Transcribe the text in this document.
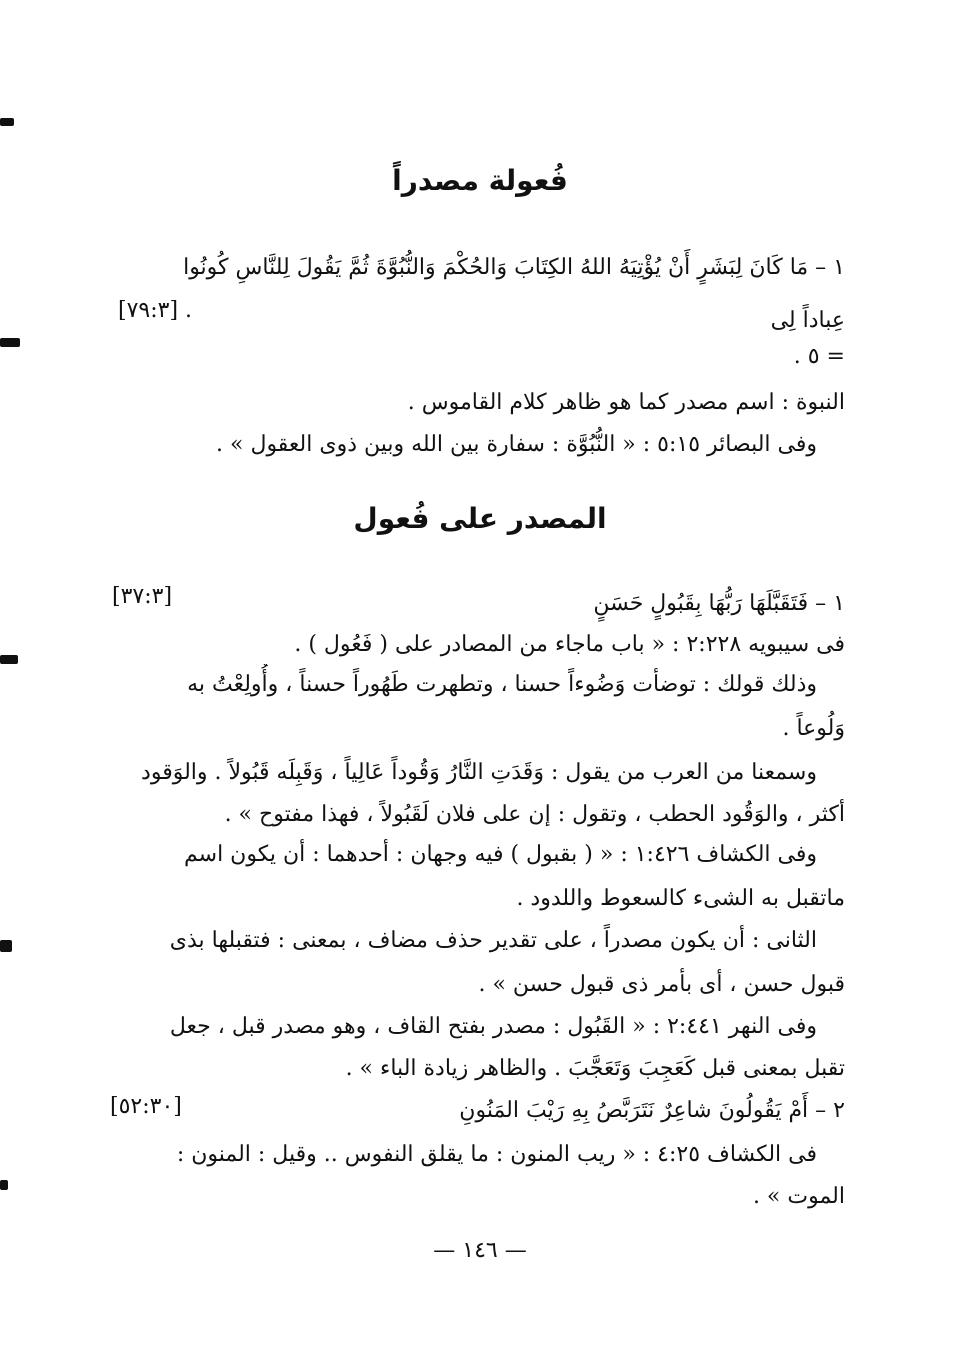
فُعولة مصدراً
١ – مَا كَانَ لِبَشَرٍ أَنْ يُؤْتِيَهُ اللهُ الكِتَابَ وَالحُكْمَ وَالنُّبُوَّةَ ثُمَّ يَقُولَ لِلنَّاسِ كُونُوا
عِباداً لِى
[٧٩:٣] .
= ٥ .
النبوة : اسم مصدر كما هو ظاهر كلام القاموس .
وفى البصائر ٥:١٥ : « النُّبُوَّة : سفارة بين الله وبين ذوى العقول » .
المصدر على فُعول
١ – فَتَقَبَّلَهَا رَبُّهَا بِقَبُولٍ حَسَنٍ
[٣٧:٣]
فى سيبويه ٢:٢٢٨ : « باب ماجاء من المصادر على ( فَعُول ) .
وذلك قولك : توضأت وَضُوءاً حسنا ، وتطهرت طَهُوراً حسناً ، وأُولِعْتُ به
وَلُوعاً .
وسمعنا من العرب من يقول : وَقَدَتِ النَّارُ وَقُوداً عَالِياً ، وَقَبِلَه قَبُولاً . والوَقود
أكثر ، والوَقُود الحطب ، وتقول : إن على فلان لَقَبُولاً ، فهذا مفتوح » .
وفى الكشاف ١:٤٢٦ : « ( بقبول ) فيه وجهان : أحدهما : أن يكون اسم
ماتقبل به الشىء كالسعوط واللدود .
الثانى : أن يكون مصدراً ، على تقدير حذف مضاف ، بمعنى : فتقبلها بذى
قبول حسن ، أى بأمر ذى قبول حسن » .
وفى النهر ٢:٤٤١ : « القَبُول : مصدر بفتح القاف ، وهو مصدر قبل ، جعل
تقبل بمعنى قبل كَعَجِبَ وَتَعَجَّبَ . والظاهر زيادة الباء » .
٢ – أَمْ يَقُولُونَ شاعِرٌ نَتَرَبَّصُ بِهِ رَيْبَ المَنُونِ
[٥٢:٣٠]
فى الكشاف ٤:٢٥ : « ريب المنون : ما يقلق النفوس .. وقيل : المنون :
الموت » .
— ١٤٦ —
